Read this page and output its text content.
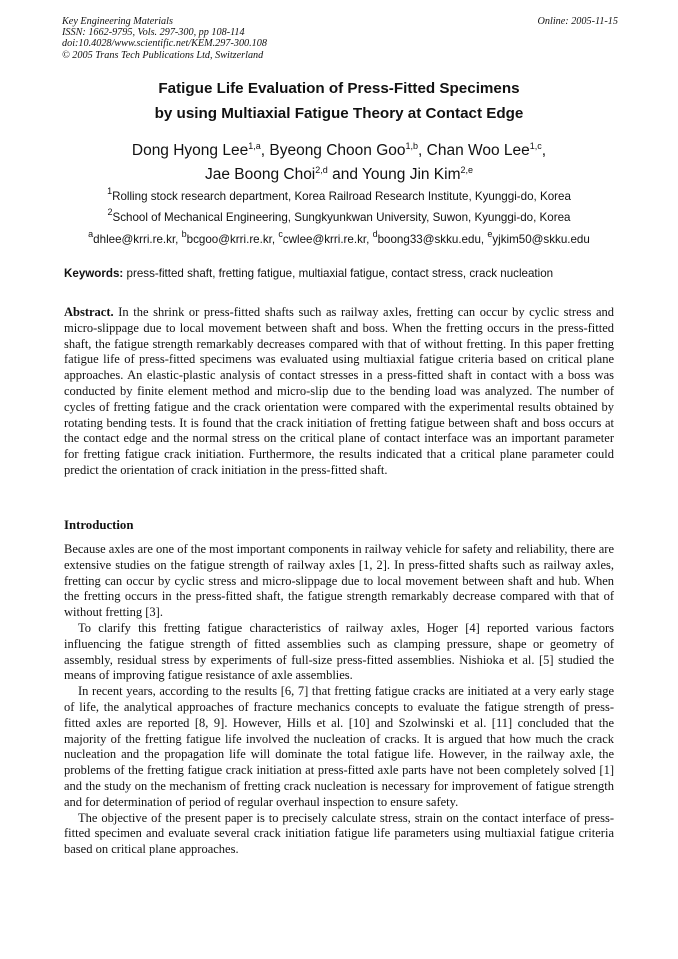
Key Engineering Materials
ISSN: 1662-9795, Vols. 297-300, pp 108-114
doi:10.4028/www.scientific.net/KEM.297-300.108
© 2005 Trans Tech Publications Ltd, Switzerland
Online: 2005-11-15
Fatigue Life Evaluation of Press-Fitted Specimens
by using Multiaxial Fatigue Theory at Contact Edge
Dong Hyong Lee$^{1,a}$, Byeong Choon Goo$^{1,b}$, Chan Woo Lee$^{1,c}$,
Jae Boong Choi$^{2,d}$ and Young Jin Kim$^{2,e}$
$^1$Rolling stock research department, Korea Railroad Research Institute, Kyunggi-do, Korea
$^2$School of Mechanical Engineering, Sungkyunkwan University, Suwon, Kyunggi-do, Korea
$^a$dhlee@krri.re.kr, $^b$bcgoo@krri.re.kr, $^c$cwlee@krri.re.kr, $^d$boong33@skku.edu, $^e$yjkim50@skku.edu
Keywords: press-fitted shaft, fretting fatigue, multiaxial fatigue, contact stress, crack nucleation

Abstract. In the shrink or press-fitted shafts such as railway axles, fretting can occur by cyclic stress and micro-slippage due to local movement between shaft and boss. When the fretting occurs in the press-fitted shaft, the fatigue strength remarkably decreases compared with that of without fretting. In this paper fretting fatigue life of press-fitted specimens was evaluated using multiaxial fatigue criteria based on critical plane approaches. An elastic-plastic analysis of contact stresses in a press-fitted shaft in contact with a boss was conducted by finite element method and micro-slip due to the bending load was analyzed. The number of cycles of fretting fatigue and the crack orientation were compared with the experimental results obtained by rotating bending tests. It is found that the crack initiation of fretting fatigue between shaft and boss occurs at the contact edge and the normal stress on the critical plane of contact interface was an important parameter for fretting fatigue crack initiation. Furthermore, the results indicated that a critical plane parameter could predict the orientation of crack initiation in the press-fitted shaft.

Introduction

Because axles are one of the most important components in railway vehicle for safety and reliability, there are extensive studies on the fatigue strength of railway axles [1, 2]. In press-fitted shafts such as railway axles, fretting can occur by cyclic stress and micro-slippage due to local movement between shaft and hub. When the fretting occurs in the press-fitted shaft, the fatigue strength remarkably decrease compared with that of without fretting [3].

To clarify this fretting fatigue characteristics of railway axles, Hoger [4] reported various factors influencing the fatigue strength of fitted assemblies such as clamping pressure, shape or geometry of assembly, residual stress by experiments of full-size press-fitted assemblies. Nishioka et al. [5] studied the means of improving fatigue resistance of axle assemblies.

In recent years, according to the results [6, 7] that fretting fatigue cracks are initiated at a very early stage of life, the analytical approaches of fracture mechanics concepts to evaluate the fatigue strength of press-fitted axles are reported [8, 9]. However, Hills et al. [10] and Szolwinski et al. [11] concluded that the majority of the fretting fatigue life involved the nucleation of cracks. It is argued that how much the crack nucleation and the propagation life will dominate the total fatigue life. However, in the railway axle, the problems of the fretting fatigue crack initiation at press-fitted axle parts have not been completely solved [1] and the study on the mechanism of fretting crack nucleation is necessary for improvement of fatigue strength and for determination of period of regular overhaul inspection to ensure safety.

The objective of the present paper is to precisely calculate stress, strain on the contact interface of press-fitted specimen and evaluate several crack initiation fatigue life parameters using multiaxial fatigue criteria based on critical plane approaches.
